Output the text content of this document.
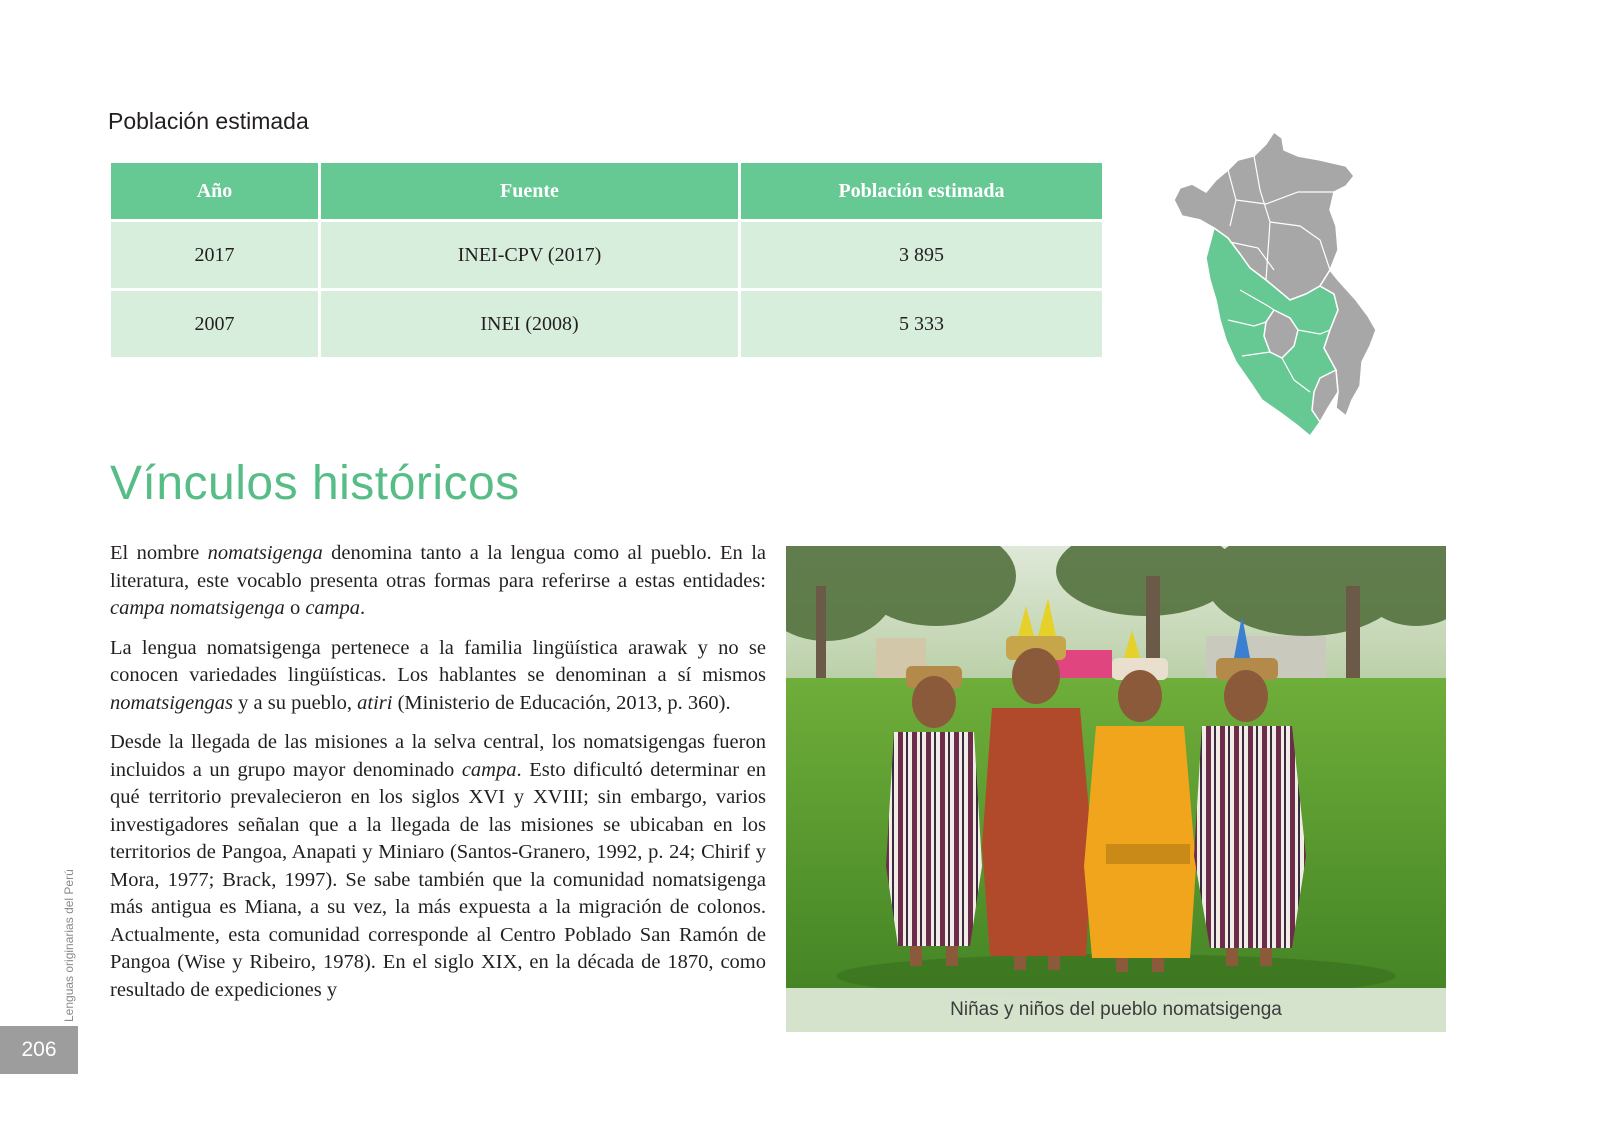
Población estimada
Año	Fuente	Población estimada
2017	INEI-CPV (2017)	3 895
2007	INEI (2008)	5 333
Vínculos históricos

El nombre nomatsigenga denomina tanto a la lengua como al pueblo. En la literatura, este vocablo presenta otras formas para referirse a estas entidades: campa nomatsigenga o campa.

La lengua nomatsigenga pertenece a la familia lingüística arawak y no se conocen variedades lingüísticas. Los hablantes se denominan a sí mismos nomatsigengas y a su pueblo, atiri (Ministerio de Educación, 2013, p. 360).

Desde la llegada de las misiones a la selva central, los nomatsigengas fueron incluidos a un grupo mayor denominado campa. Esto dificultó determinar en qué territorio prevalecieron en los siglos XVI y XVIII; sin embargo, varios investigadores señalan que a la llegada de las misiones se ubicaban en los territorios de Pangoa, Anapati y Miniaro (Santos-Granero, 1992, p. 24; Chirif y Mora, 1977; Brack, 1997). Se sabe también que la comunidad nomatsigenga más antigua es Miana, a su vez, la más expuesta a la migración de colonos. Actualmente, esta comunidad corresponde al Centro Poblado San Ramón de Pangoa (Wise y Ribeiro, 1978). En el siglo XIX, en la década de 1870, como resultado de expediciones y

Niñas y niños del pueblo nomatsigenga
Lenguas originarias del Perú
206
